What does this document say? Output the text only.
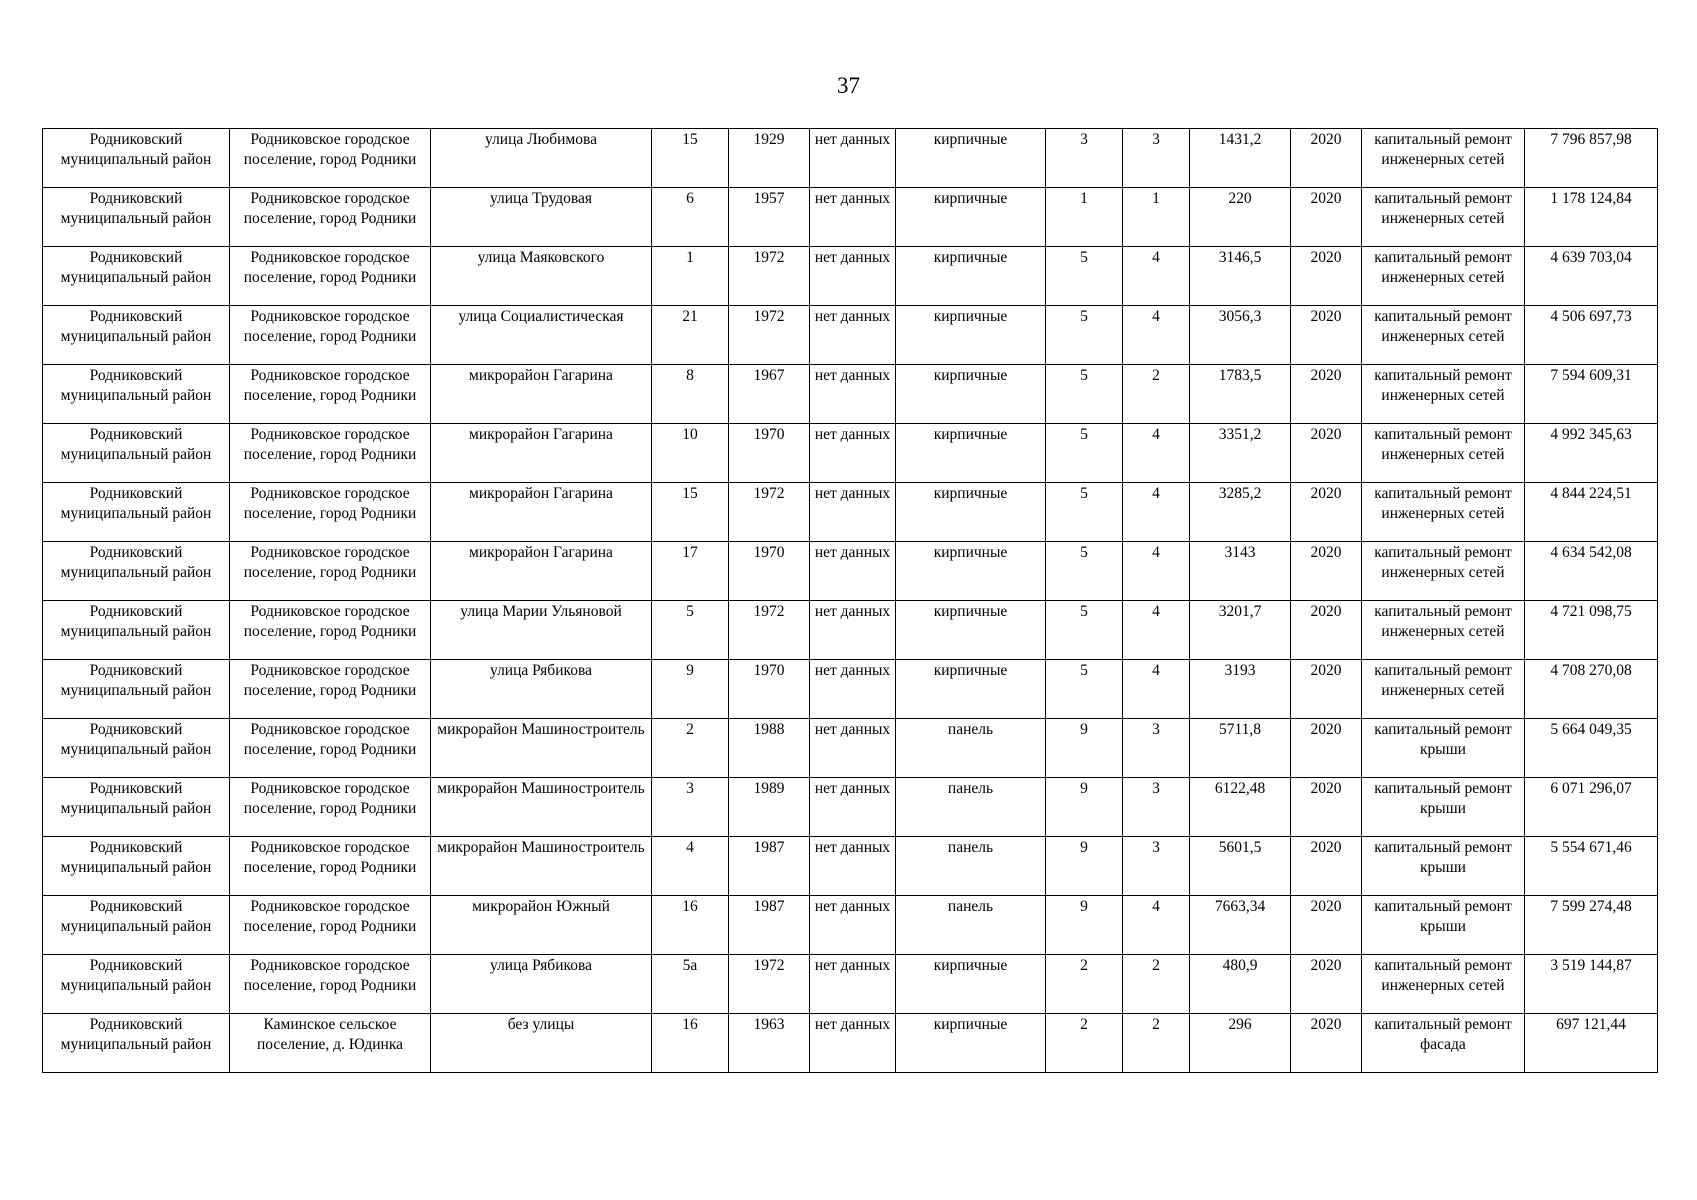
37
Родниковский муниципальный район	Родниковское городское поселение, город Родники	улица Любимова	15	1929	нет данных	кирпичные	3	3	1431,2	2020	капитальный ремонт инженерных сетей	7 796 857,98
Родниковский муниципальный район	Родниковское городское поселение, город Родники	улица Трудовая	6	1957	нет данных	кирпичные	1	1	220	2020	капитальный ремонт инженерных сетей	1 178 124,84
Родниковский муниципальный район	Родниковское городское поселение, город Родники	улица Маяковского	1	1972	нет данных	кирпичные	5	4	3146,5	2020	капитальный ремонт инженерных сетей	4 639 703,04
Родниковский муниципальный район	Родниковское городское поселение, город Родники	улица Социалистическая	21	1972	нет данных	кирпичные	5	4	3056,3	2020	капитальный ремонт инженерных сетей	4 506 697,73
Родниковский муниципальный район	Родниковское городское поселение, город Родники	микрорайон Гагарина	8	1967	нет данных	кирпичные	5	2	1783,5	2020	капитальный ремонт инженерных сетей	7 594 609,31
Родниковский муниципальный район	Родниковское городское поселение, город Родники	микрорайон Гагарина	10	1970	нет данных	кирпичные	5	4	3351,2	2020	капитальный ремонт инженерных сетей	4 992 345,63
Родниковский муниципальный район	Родниковское городское поселение, город Родники	микрорайон Гагарина	15	1972	нет данных	кирпичные	5	4	3285,2	2020	капитальный ремонт инженерных сетей	4 844 224,51
Родниковский муниципальный район	Родниковское городское поселение, город Родники	микрорайон Гагарина	17	1970	нет данных	кирпичные	5	4	3143	2020	капитальный ремонт инженерных сетей	4 634 542,08
Родниковский муниципальный район	Родниковское городское поселение, город Родники	улица Марии Ульяновой	5	1972	нет данных	кирпичные	5	4	3201,7	2020	капитальный ремонт инженерных сетей	4 721 098,75
Родниковский муниципальный район	Родниковское городское поселение, город Родники	улица Рябикова	9	1970	нет данных	кирпичные	5	4	3193	2020	капитальный ремонт инженерных сетей	4 708 270,08
Родниковский муниципальный район	Родниковское городское поселение, город Родники	микрорайон Машиностроитель	2	1988	нет данных	панель	9	3	5711,8	2020	капитальный ремонт крыши	5 664 049,35
Родниковский муниципальный район	Родниковское городское поселение, город Родники	микрорайон Машиностроитель	3	1989	нет данных	панель	9	3	6122,48	2020	капитальный ремонт крыши	6 071 296,07
Родниковский муниципальный район	Родниковское городское поселение, город Родники	микрорайон Машиностроитель	4	1987	нет данных	панель	9	3	5601,5	2020	капитальный ремонт крыши	5 554 671,46
Родниковский муниципальный район	Родниковское городское поселение, город Родники	микрорайон Южный	16	1987	нет данных	панель	9	4	7663,34	2020	капитальный ремонт крыши	7 599 274,48
Родниковский муниципальный район	Родниковское городское поселение, город Родники	улица Рябикова	5а	1972	нет данных	кирпичные	2	2	480,9	2020	капитальный ремонт инженерных сетей	3 519 144,87
Родниковский муниципальный район	Каминское сельское поселение, д. Юдинка	без улицы	16	1963	нет данных	кирпичные	2	2	296	2020	капитальный ремонт фасада	697 121,44
